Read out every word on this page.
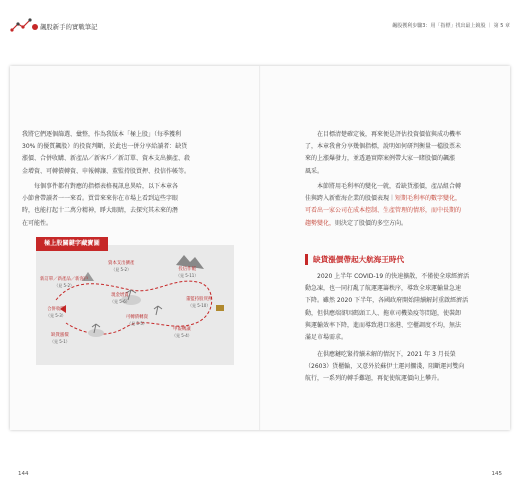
飆股新手的實戰筆記	飆股獲利步驟3：用「指標」找出最上鏡股 ｜ 第 5 章
我將它們逐個篩選、彙整，作為我版本「極上股」（每季獲利
30% 的優質飆股）的投資判斷，於此也一併分享給讀者：缺貨
漲價、合併收購、新產品／新客戶／新訂單、資本支出擴產、殺
金增資、可轉債轉資、申報轉讓、董監持股買押、投信作帳等。
每個事件都有對應的指標表格視訊息異哈，以下本章各
小節會帶讀者一一來看。買當來來你在市場上看到這些字眼
時，也能打起十二萬分精神，睜大眼睛，去探究其未來的潛
在可能性。
資本支出擴產
（見 5-2）	投信作帳
（見 5-11）
新訂單／新產品／新客戶
（見 5-2）
現金增資
（見 5-6）	董監持股買押
（見 5-10）
合併收購
（見 5-3）	可轉債轉資
（見 5-5）
缺貨漲價
（見 5-1）
申報轉讓
（見 5-4）
極上股關鍵字藏寶圖
144
在目標清楚確定後，再來便是評估投資價值與成功機率
了，本章我會分享幾個指標，說明如何研判衡量一檔股票未
來的上漲爆發力，並透過實際案例帶大家一睹股價的飆漲
風采。
本節將用毛利率的變化一就，看缺貨漲價，產品組合轉
佳與跨入新藍海企業的股價表現｜短期毛利率的數字變化，
可看出一家公司在成本控制、生產管理的情形，而中長期的
趨勢變化，則決定了股價的多空方向。
缺貨漲價帶起大航海王時代
2020 上半年 COVID-19 的快速擴散，不僅使全球經濟活
動急凍，也一同打亂了航運運籌秩序，導致全球運輸量急速
下降。雖然 2020 下半年，各國政府開始陸續解封重啟經濟活
動，但供應端卻因碼頭工人、拖車司機染疫等問題，使裝卸
與運輸效率下降，進而導致港口塞港、空櫃調度不均，無法
滿足市場需求。
在供應鏈吃緊持續未解的情況下，2021 年 3 月長榮
（2603）貨櫃輪，又意外於蘇伊士運河擱淺，阻斷運河雙向
航行，一系列的轉手難題，再促使航運價向上攀升。
145
